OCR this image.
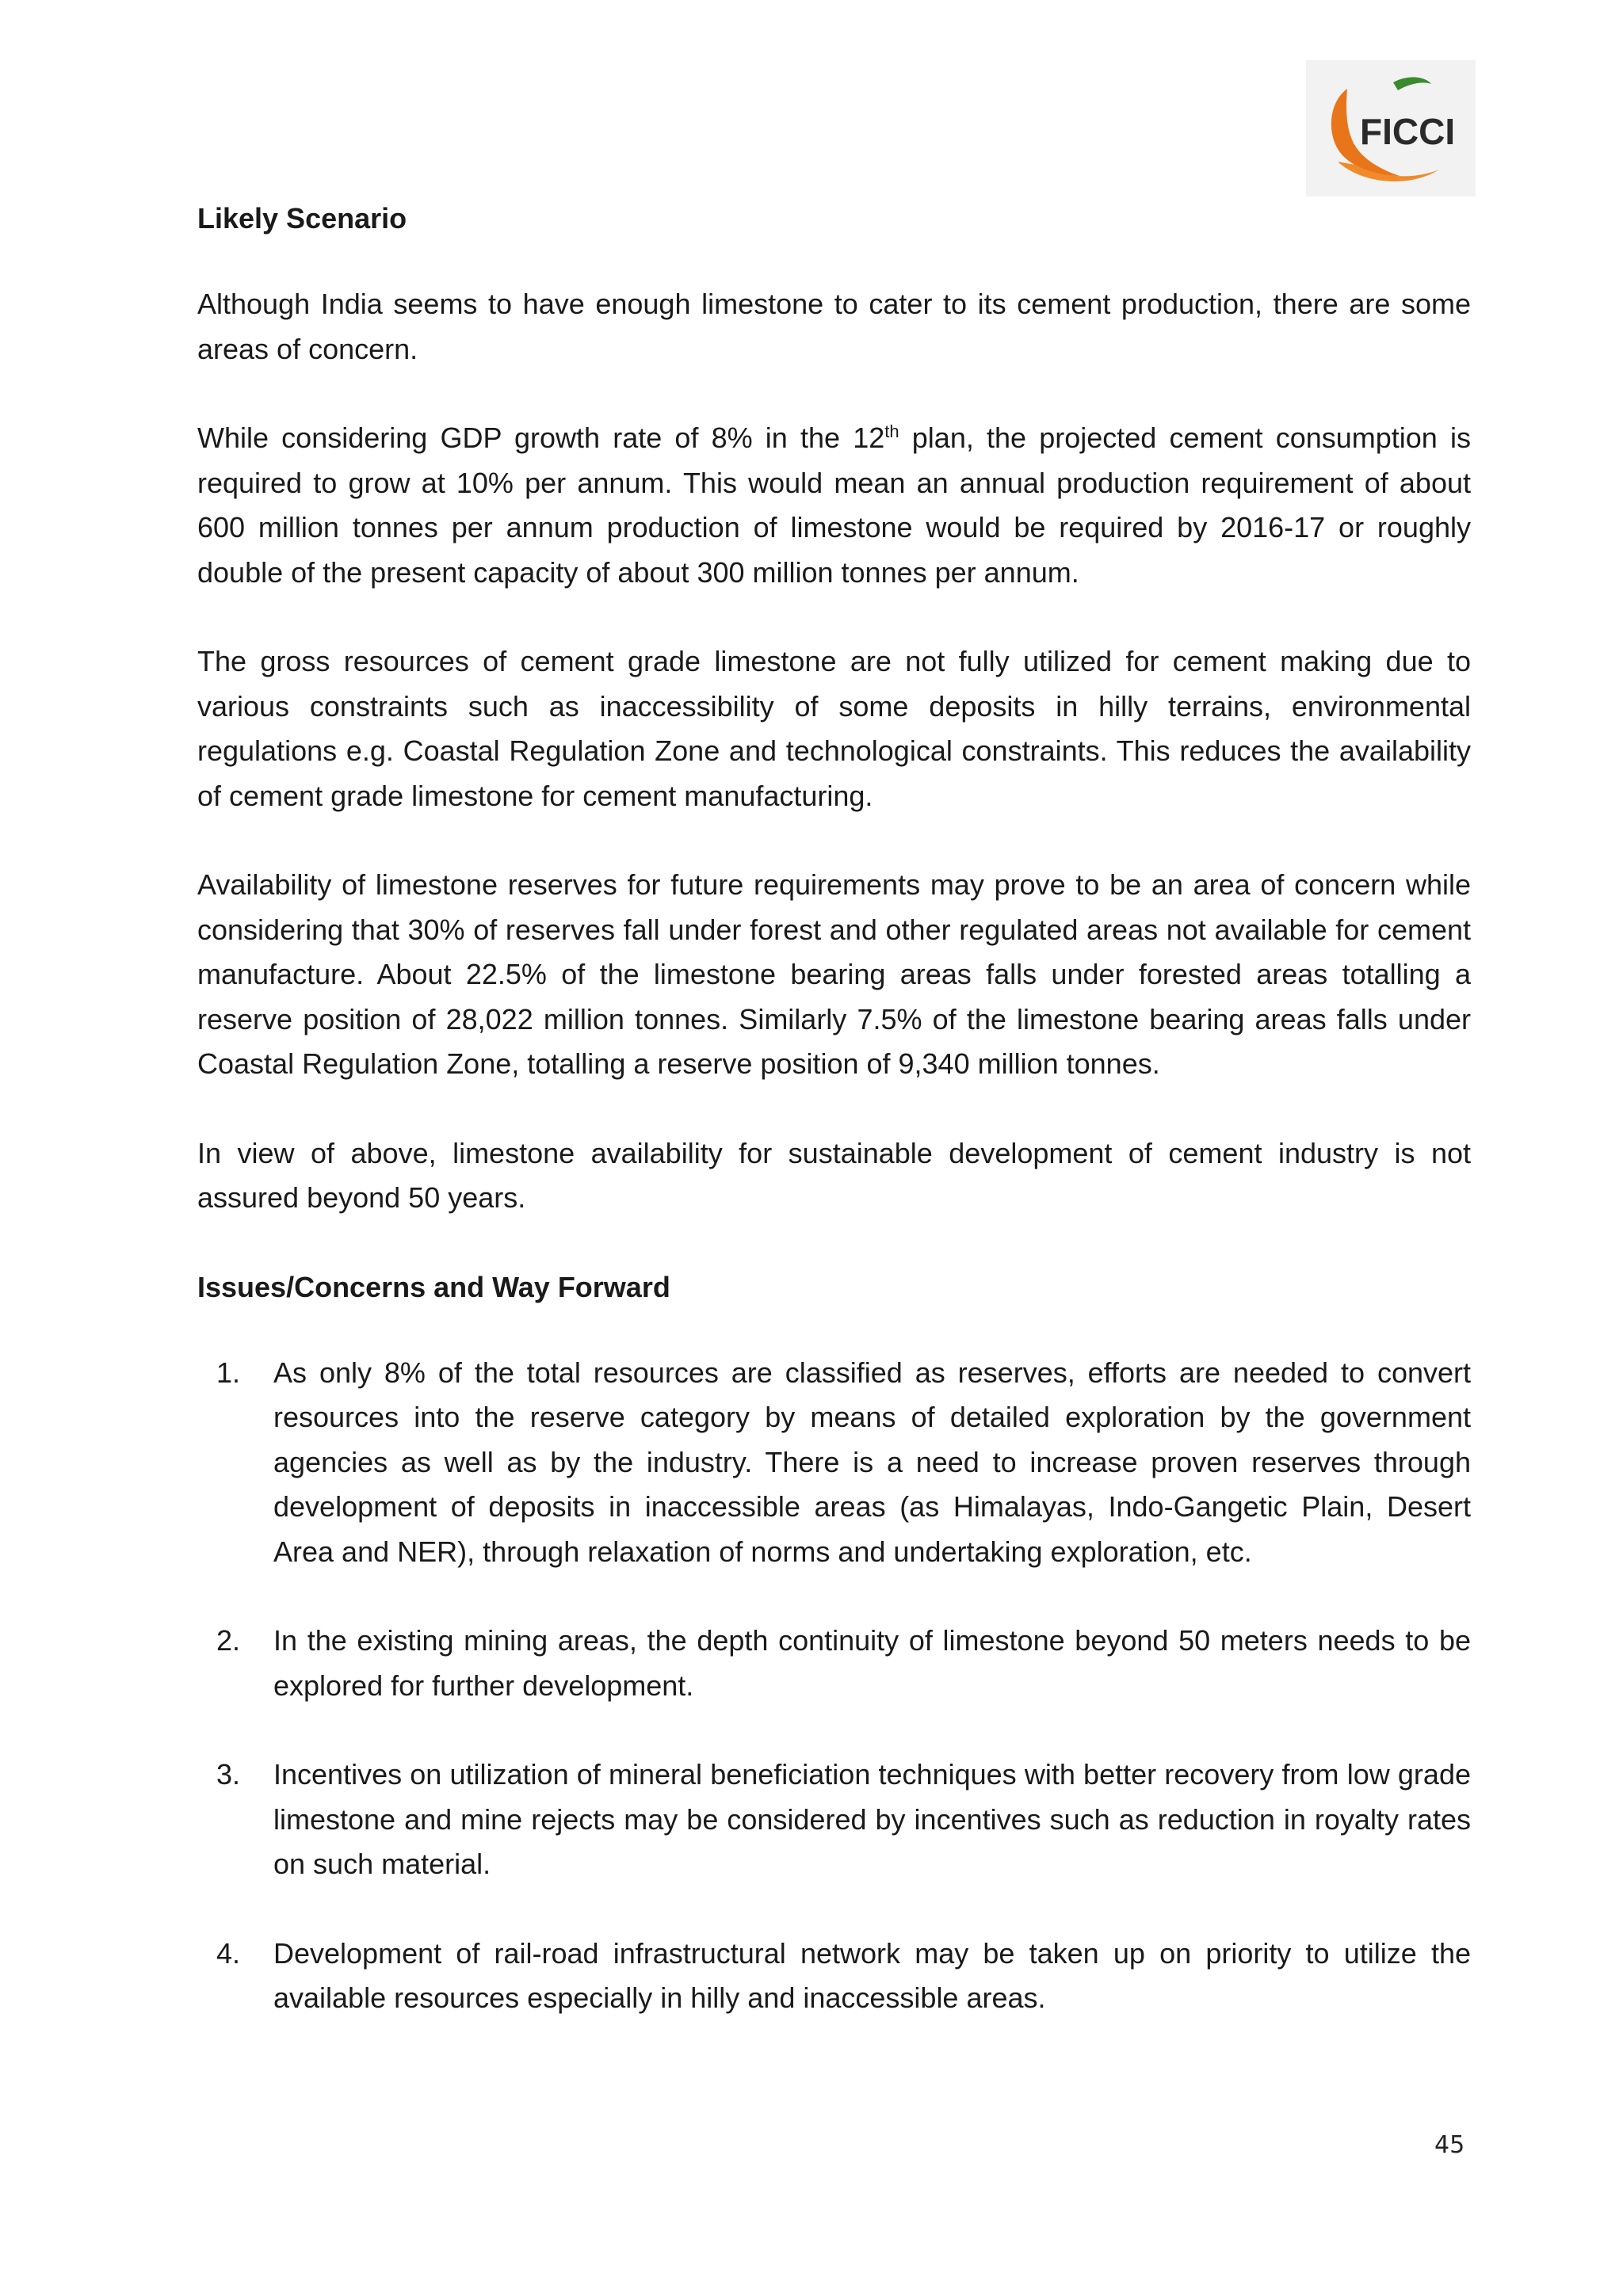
FICCI
Likely Scenario

Although India seems to have enough limestone to cater to its cement production, there are some areas of concern.

While considering GDP growth rate of 8% in the 12th plan, the projected cement consumption is required to grow at 10% per annum. This would mean an annual production requirement of about 600 million tonnes per annum production of limestone would be required by 2016-17 or roughly double of the present capacity of about 300 million tonnes per annum.

The gross resources of cement grade limestone are not fully utilized for cement making due to various constraints such as inaccessibility of some deposits in hilly terrains, environmental regulations e.g. Coastal Regulation Zone and technological constraints. This reduces the availability of cement grade limestone for cement manufacturing.

Availability of limestone reserves for future requirements may prove to be an area of concern while considering that 30% of reserves fall under forest and other regulated areas not available for cement manufacture. About 22.5% of the limestone bearing areas falls under forested areas totalling a reserve position of 28,022 million tonnes. Similarly 7.5% of the limestone bearing areas falls under Coastal Regulation Zone, totalling a reserve position of 9,340 million tonnes.

In view of above, limestone availability for sustainable development of cement industry is not assured beyond 50 years.

Issues/Concerns and Way Forward
1. As only 8% of the total resources are classified as reserves, efforts are needed to convert resources into the reserve category by means of detailed exploration by the government agencies as well as by the industry. There is a need to increase proven reserves through development of deposits in inaccessible areas (as Himalayas, Indo-Gangetic Plain, Desert Area and NER), through relaxation of norms and undertaking exploration, etc.
2. In the existing mining areas, the depth continuity of limestone beyond 50 meters needs to be explored for further development.
3. Incentives on utilization of mineral beneficiation techniques with better recovery from low grade limestone and mine rejects may be considered by incentives such as reduction in royalty rates on such material.
4. Development of rail-road infrastructural network may be taken up on priority to utilize the available resources especially in hilly and inaccessible areas.
45
